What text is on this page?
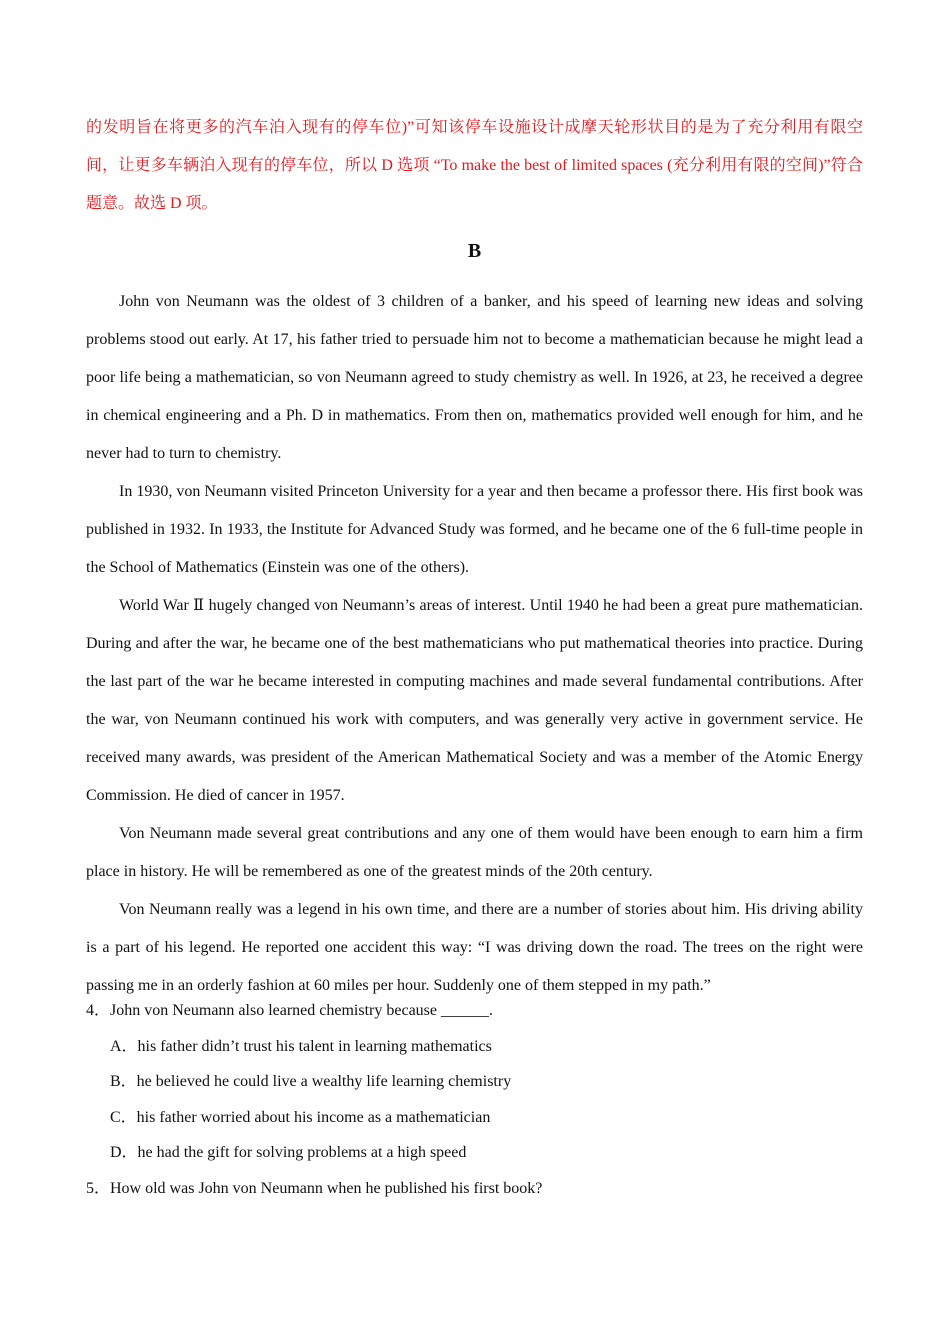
的发明旨在将更多的汽车泊入现有的停车位)”可知该停车设施设计成摩天轮形状目的是为了充分利用有限空间，让更多车辆泊入现有的停车位，所以 D 选项 “To make the best of limited spaces (充分利用有限的空间)”符合题意。故选 D 项。

B

John von Neumann was the oldest of 3 children of a banker, and his speed of learning new ideas and solving problems stood out early. At 17, his father tried to persuade him not to become a mathematician because he might lead a poor life being a mathematician, so von Neumann agreed to study chemistry as well. In 1926, at 23, he received a degree in chemical engineering and a Ph. D in mathematics. From then on, mathematics provided well enough for him, and he never had to turn to chemistry.

In 1930, von Neumann visited Princeton University for a year and then became a professor there. His first book was published in 1932. In 1933, the Institute for Advanced Study was formed, and he became one of the 6 full-time people in the School of Mathematics (Einstein was one of the others).

World War Ⅱ hugely changed von Neumann’s areas of interest. Until 1940 he had been a great pure mathematician. During and after the war, he became one of the best mathematicians who put mathematical theories into practice. During the last part of the war he became interested in computing machines and made several fundamental contributions. After the war, von Neumann continued his work with computers, and was generally very active in government service. He received many awards, was president of the American Mathematical Society and was a member of the Atomic Energy Commission. He died of cancer in 1957.

Von Neumann made several great contributions and any one of them would have been enough to earn him a firm place in history. He will be remembered as one of the greatest minds of the 20th century.

Von Neumann really was a legend in his own time, and there are a number of stories about him. His driving ability is a part of his legend. He reported one accident this way: “I was driving down the road. The trees on the right were passing me in an orderly fashion at 60 miles per hour. Suddenly one of them stepped in my path.”

4．John von Neumann also learned chemistry because ______.

A．his father didn’t trust his talent in learning mathematics

B．he believed he could live a wealthy life learning chemistry

C．his father worried about his income as a mathematician

D．he had the gift for solving problems at a high speed

5．How old was John von Neumann when he published his first book?
